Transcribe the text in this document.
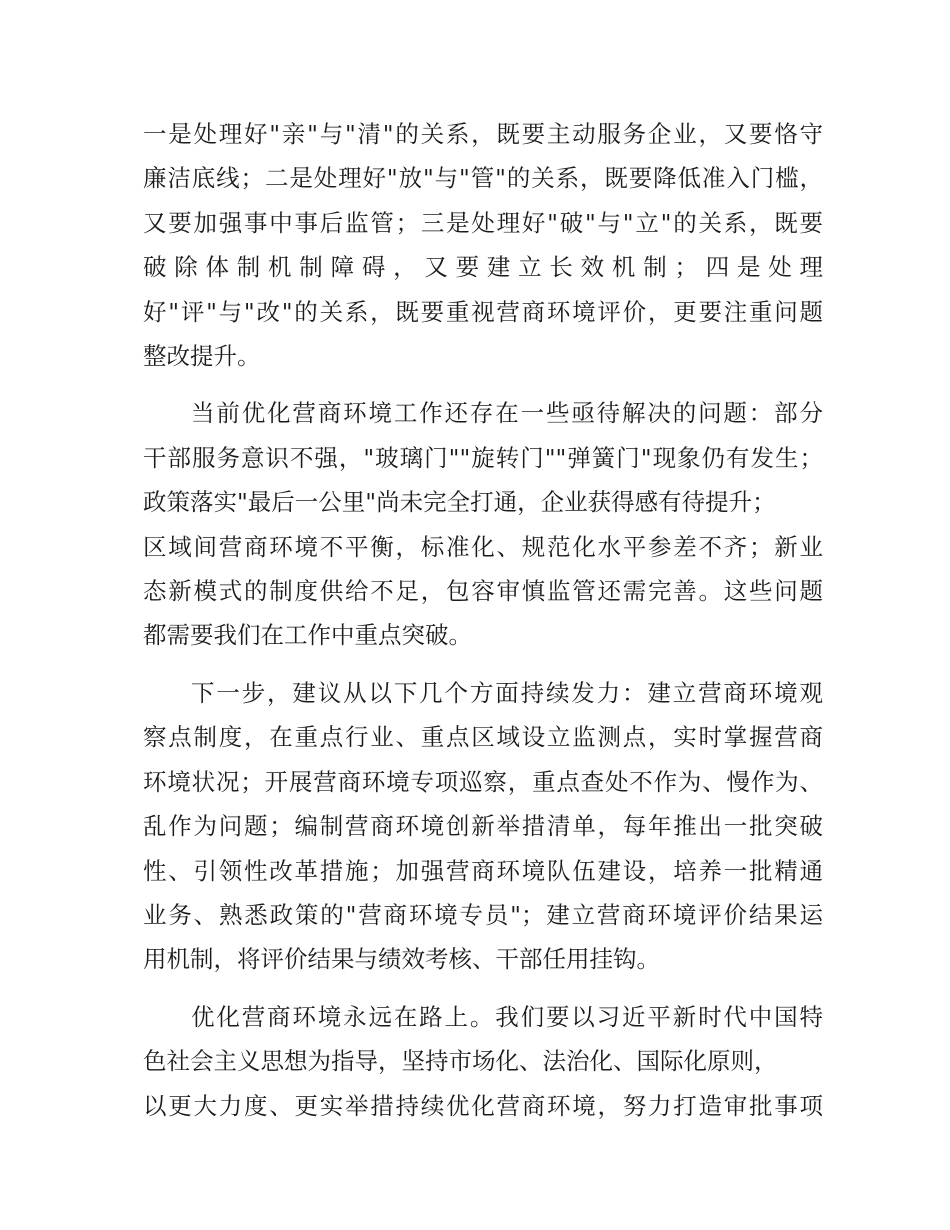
一是处理好"亲"与"清"的关系，既要主动服务企业，又要恪守
廉洁底线；二是处理好"放"与"管"的关系，既要降低准入门槛，
又要加强事中事后监管；三是处理好"破"与"立"的关系，既要
破除体制机制障碍，又要建立长效机制；四是处理
好"评"与"改"的关系，既要重视营商环境评价，更要注重问题
整改提升。

当前优化营商环境工作还存在一些亟待解决的问题：部分
干部服务意识不强，"玻璃门""旋转门""弹簧门"现象仍有发生；
政策落实"最后一公里"尚未完全打通，企业获得感有待提升；
区域间营商环境不平衡，标准化、规范化水平参差不齐；新业
态新模式的制度供给不足，包容审慎监管还需完善。这些问题
都需要我们在工作中重点突破。

下一步，建议从以下几个方面持续发力：建立营商环境观
察点制度，在重点行业、重点区域设立监测点，实时掌握营商
环境状况；开展营商环境专项巡察，重点查处不作为、慢作为、
乱作为问题；编制营商环境创新举措清单，每年推出一批突破
性、引领性改革措施；加强营商环境队伍建设，培养一批精通
业务、熟悉政策的"营商环境专员"；建立营商环境评价结果运
用机制，将评价结果与绩效考核、干部任用挂钩。

优化营商环境永远在路上。我们要以习近平新时代中国特
色社会主义思想为指导，坚持市场化、法治化、国际化原则，
以更大力度、更实举措持续优化营商环境，努力打造审批事项
